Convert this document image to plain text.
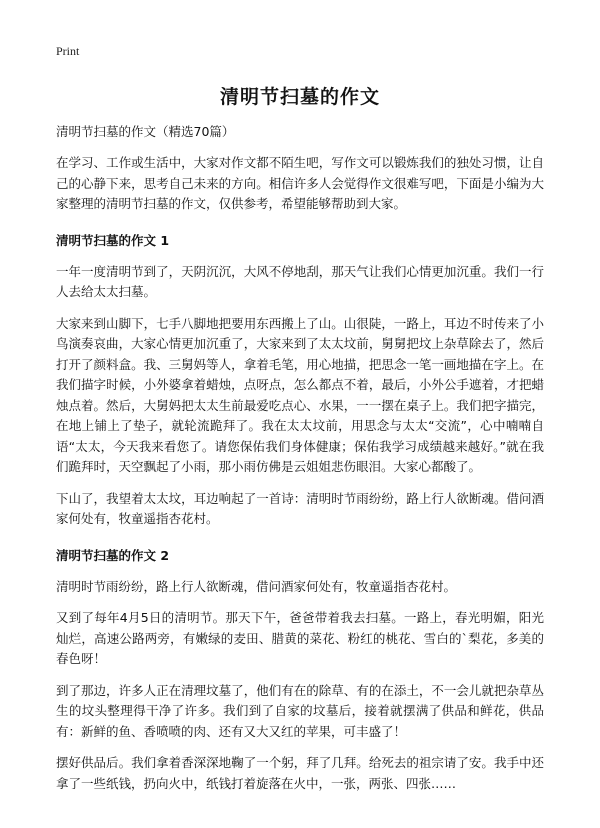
Print
清明节扫墓的作文
清明节扫墓的作文（精选70篇）

在学习、工作或生活中，大家对作文都不陌生吧，写作文可以锻炼我们的独处习惯，让自己的心静下来，思考自己未来的方向。相信许多人会觉得作文很难写吧，下面是小编为大家整理的清明节扫墓的作文，仅供参考，希望能够帮助到大家。

清明节扫墓的作文 1

一年一度清明节到了，天阴沉沉，大风不停地刮，那天气让我们心情更加沉重。我们一行人去给太太扫墓。

大家来到山脚下，七手八脚地把要用东西搬上了山。山很陡，一路上，耳边不时传来了小鸟演奏哀曲，大家心情更加沉重了，大家来到了太太坟前，舅舅把坟上杂草除去了，然后打开了颜料盒。我、三舅妈等人，拿着毛笔，用心地描，把思念一笔一画地描在字上。在我们描字时候，小外婆拿着蜡烛，点呀点，怎么都点不着，最后，小外公手遮着，才把蜡烛点着。然后，大舅妈把太太生前最爱吃点心、水果，一一摆在桌子上。我们把字描完，在地上铺上了垫子，就轮流跪拜了。我在太太坟前，用思念与太太“交流”，心中喃喃自语“太太，今天我来看您了。请您保佑我们身体健康；保佑我学习成绩越来越好。”就在我们跪拜时，天空飘起了小雨，那小雨仿佛是云姐姐悲伤眼泪。大家心都酸了。

下山了，我望着太太坟，耳边响起了一首诗：清明时节雨纷纷，路上行人欲断魂。借问酒家何处有，牧童遥指杏花村。

清明节扫墓的作文 2

清明时节雨纷纷，路上行人欲断魂，借问酒家何处有，牧童遥指杏花村。

又到了每年4月5日的清明节。那天下午，爸爸带着我去扫墓。一路上，春光明媚，阳光灿烂，高速公路两旁，有嫩绿的麦田、腊黄的菜花、粉红的桃花、雪白的`梨花，多美的春色呀！

到了那边，许多人正在清理坟墓了，他们有在的除草、有的在添土，不一会儿就把杂草丛生的坟头整理得干净了许多。我们到了自家的坟墓后，接着就摆满了供品和鲜花，供品有：新鲜的鱼、香喷喷的肉、还有又大又红的苹果，可丰盛了！

摆好供品后。我们拿着香深深地鞠了一个躬，拜了几拜。给死去的祖宗请了安。我手中还拿了一些纸钱，扔向火中，纸钱打着旋落在火中，一张，两张、四张……
